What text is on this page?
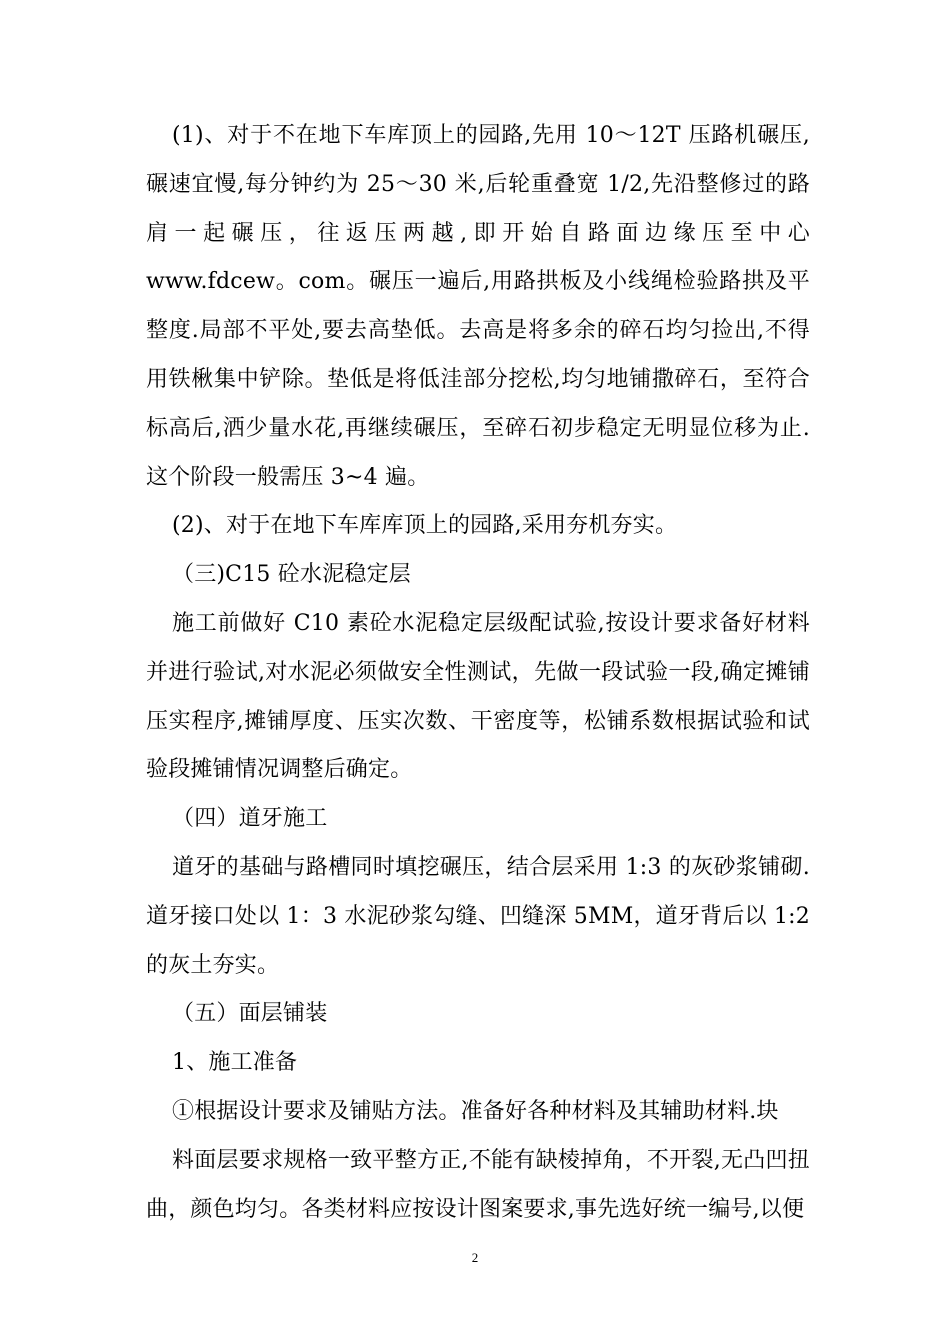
(1)、对于不在地下车库顶上的园路,先用 10～12T 压路机碾压,碾速宜慢,每分钟约为 25～30 米,后轮重叠宽 1/2,先沿整修过的路肩一起碾压，往返压两越,即开始自路面边缘压至中心 www.fdcew。com。碾压一遍后,用路拱板及小线绳检验路拱及平整度.局部不平处,要去高垫低。去高是将多余的碎石均匀捡出,不得用铁楸集中铲除。垫低是将低洼部分挖松,均匀地铺撒碎石，至符合标高后,洒少量水花,再继续碾压，至碎石初步稳定无明显位移为止.这个阶段一般需压 3~4 遍。

(2)、对于在地下车库库顶上的园路,采用夯机夯实。

（三)C15 砼水泥稳定层

施工前做好 C10 素砼水泥稳定层级配试验,按设计要求备好材料并进行验试,对水泥必须做安全性测试，先做一段试验一段,确定摊铺压实程序,摊铺厚度、压实次数、干密度等，松铺系数根据试验和试验段摊铺情况调整后确定。

（四）道牙施工

道牙的基础与路槽同时填挖碾压，结合层采用 1:3 的灰砂浆铺砌.道牙接口处以 1：3 水泥砂浆勾缝、凹缝深 5MM，道牙背后以 1:2 的灰土夯实。

（五）面层铺装

1、施工准备

①根据设计要求及铺贴方法。准备好各种材料及其辅助材料.块

料面层要求规格一致平整方正,不能有缺棱掉角，不开裂,无凸凹扭曲，颜色均匀。各类材料应按设计图案要求,事先选好统一编号,以便

2
